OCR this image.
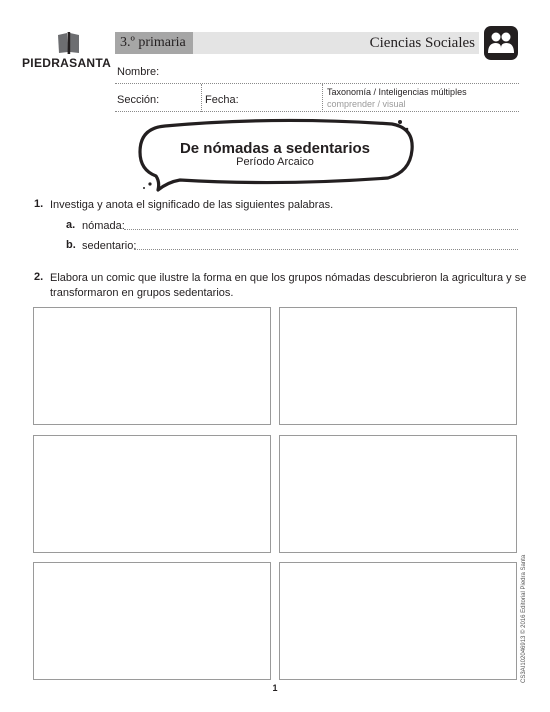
PIEDRASANTA
3.º primaria	Ciencias Sociales
Nombre:
Sección:	Fecha:
Taxonomía / Inteligencias múltiples
comprender / visual
De nómadas a sedentarios
Período Arcaico
1. Investiga y anota el significado de las siguientes palabras.
a. nómada:
b. sedentario:
2. Elabora un comic que ilustre la forma en que los grupos nómadas descubrieron la agricultura y se
transformaron en grupos sedentarios.
1
CS3AI102046913 © 2016 Editorial Piedra Santa
